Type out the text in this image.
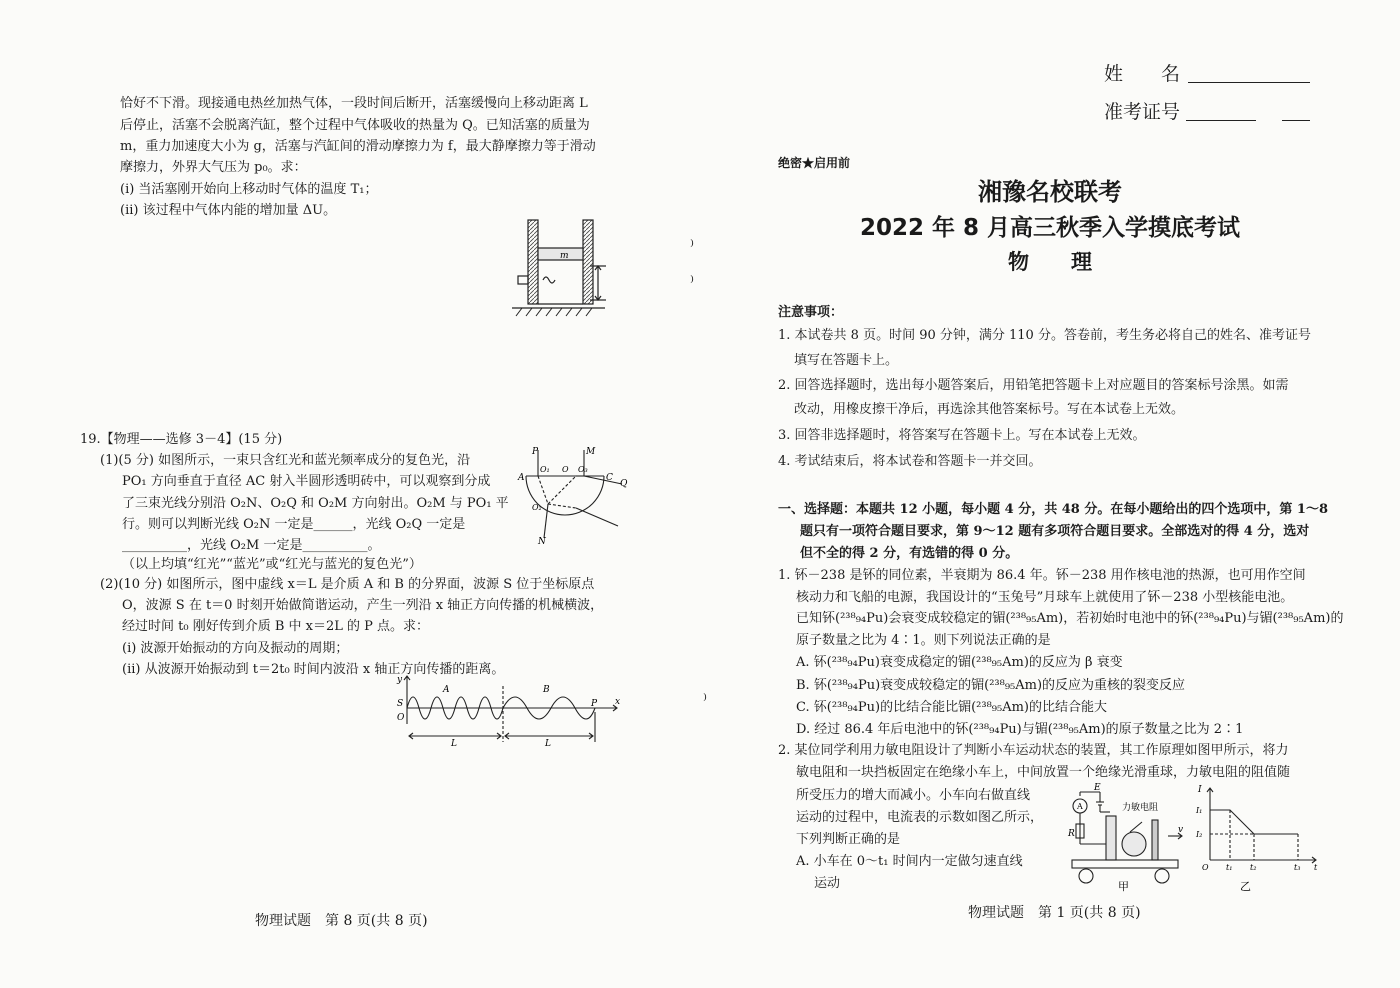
恰好不下滑。现接通电热丝加热气体，一段时间后断开，活塞缓慢向上移动距离 L
后停止，活塞不会脱离汽缸，整个过程中气体吸收的热量为 Q。已知活塞的质量为
m，重力加速度大小为 g，活塞与汽缸间的滑动摩擦力为 f，最大静摩擦力等于滑动
摩擦力，外界大气压为 p₀。求：
(i) 当活塞刚开始向上移动时气体的温度 T₁；
(ii) 该过程中气体内能的增加量 ΔU。
m
19.【物理——选修 3－4】(15 分)
(1)(5 分) 如图所示，一束只含红光和蓝光频率成分的复色光，沿
PO₁ 方向垂直于直径 AC 射入半圆形透明砖中，可以观察到分成
了三束光线分别沿 O₂N、O₂Q 和 O₂M 方向射出。O₂M 与 PO₁ 平
行。则可以判断光线 O₂N 一定是______，光线 O₂Q 一定是
__________，光线 O₂M 一定是__________。
（以上均填“红光”“蓝光”或“红光与蓝光的复色光”）
P	M
A
O₁ O O₃
C
Q
O₂
N
(2)(10 分) 如图所示，图中虚线 x＝L 是介质 A 和 B 的分界面，波源 S 位于坐标原点
O，波源 S 在 t＝0 时刻开始做简谐运动，产生一列沿 x 轴正方向传播的机械横波，
经过时间 t₀ 刚好传到介质 B 中 x＝2L 的 P 点。求：
(i) 波源开始振动的方向及振动的周期；
(ii) 从波源开始振动到 t＝2t₀ 时间内波沿 x 轴正方向传播的距离。
y
A	B
S
O
P x
L	L
物理试题　第 8 页(共 8 页)
⁾
⁾
⁾
姓　　名
准考证号
绝密★启用前
湘豫名校联考
2022 年 8 月高三秋季入学摸底考试
物　　理
注意事项：
1. 本试卷共 8 页。时间 90 分钟，满分 110 分。答卷前，考生务必将自己的姓名、准考证号
填写在答题卡上。
2. 回答选择题时，选出每小题答案后，用铅笔把答题卡上对应题目的答案标号涂黑。如需
改动，用橡皮擦干净后，再选涂其他答案标号。写在本试卷上无效。
3. 回答非选择题时，将答案写在答题卡上。写在本试卷上无效。
4. 考试结束后，将本试卷和答题卡一并交回。
一、选择题：本题共 12 小题，每小题 4 分，共 48 分。在每小题给出的四个选项中，第 1～8
题只有一项符合题目要求，第 9～12 题有多项符合题目要求。全部选对的得 4 分，选对
但不全的得 2 分，有选错的得 0 分。
1. 钚－238 是钚的同位素，半衰期为 86.4 年。钚－238 用作核电池的热源，也可用作空间
核动力和飞船的电源，我国设计的“玉兔号”月球车上就使用了钚－238 小型核能电池。
已知钚(²³⁸₉₄Pu)会衰变成较稳定的镅(²³⁸₉₅Am)，若初始时电池中的钚(²³⁸₉₄Pu)与镅(²³⁸₉₅Am)的
原子数量之比为 4∶1。则下列说法正确的是
A. 钚(²³⁸₉₄Pu)衰变成稳定的镅(²³⁸₉₅Am)的反应为 β 衰变
B. 钚(²³⁸₉₄Pu)衰变成较稳定的镅(²³⁸₉₅Am)的反应为重核的裂变反应
C. 钚(²³⁸₉₄Pu)的比结合能比镅(²³⁸₉₅Am)的比结合能大
D. 经过 86.4 年后电池中的钚(²³⁸₉₄Pu)与镅(²³⁸₉₅Am)的原子数量之比为 2∶1
2. 某位同学利用力敏电阻设计了判断小车运动状态的装置，其工作原理如图甲所示，将力
敏电阻和一块挡板固定在绝缘小车上，中间放置一个绝缘光滑重球，力敏电阻的阻值随
所受压力的增大而减小。小车向右做直线
运动的过程中，电流表的示数如图乙所示，
下列判断正确的是
A. 小车在 0～t₁ 时间内一定做匀速直线
运动
A
E
R
力敏电阻
v
甲
I
I₁
I₂
O t₁ t₂	t₃ t
乙
物理试题　第 1 页(共 8 页)
